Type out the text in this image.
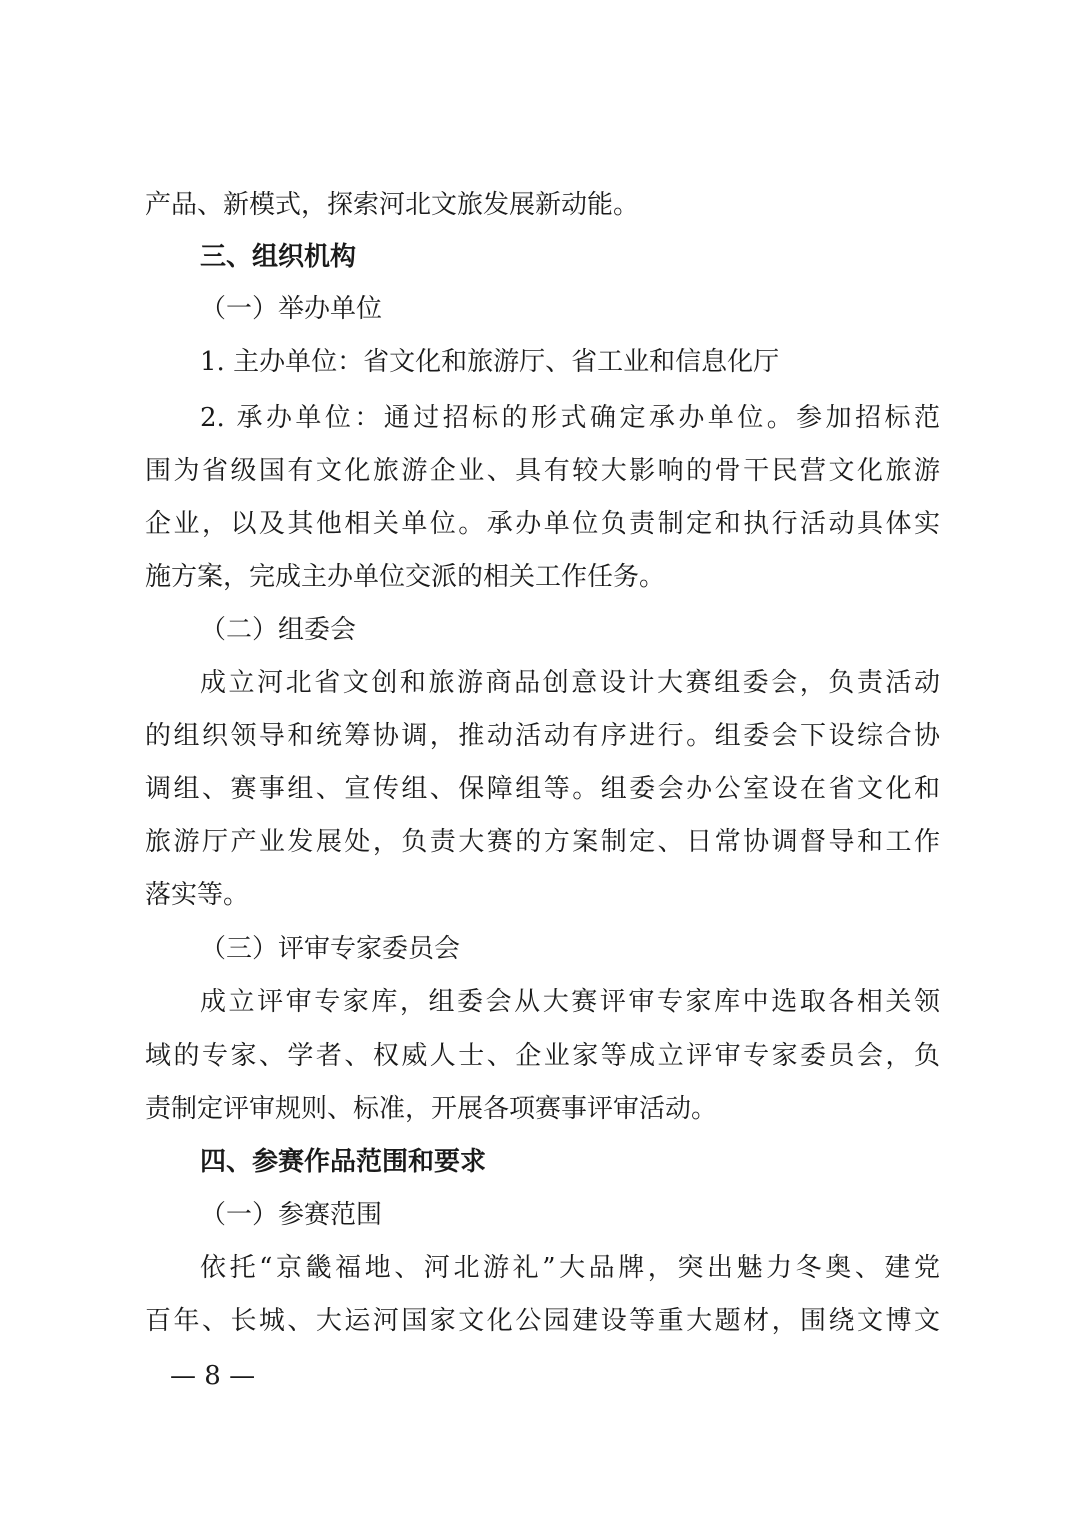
产品、新模式，探索河北文旅发展新动能。
三、组织机构
（一）举办单位
1. 主办单位：省文化和旅游厅、省工业和信息化厅
2. 承办单位：通过招标的形式确定承办单位。参加招标范
围为省级国有文化旅游企业、具有较大影响的骨干民营文化旅游
企业，以及其他相关单位。承办单位负责制定和执行活动具体实
施方案，完成主办单位交派的相关工作任务。
（二）组委会
成立河北省文创和旅游商品创意设计大赛组委会，负责活动
的组织领导和统筹协调，推动活动有序进行。组委会下设综合协
调组、赛事组、宣传组、保障组等。组委会办公室设在省文化和
旅游厅产业发展处，负责大赛的方案制定、日常协调督导和工作
落实等。
（三）评审专家委员会
成立评审专家库，组委会从大赛评审专家库中选取各相关领
域的专家、学者、权威人士、企业家等成立评审专家委员会，负
责制定评审规则、标准，开展各项赛事评审活动。
四、参赛作品范围和要求
（一）参赛范围
依托“京畿福地、河北游礼”大品牌，突出魅力冬奥、建党
百年、长城、大运河国家文化公园建设等重大题材，围绕文博文
— 8 —
